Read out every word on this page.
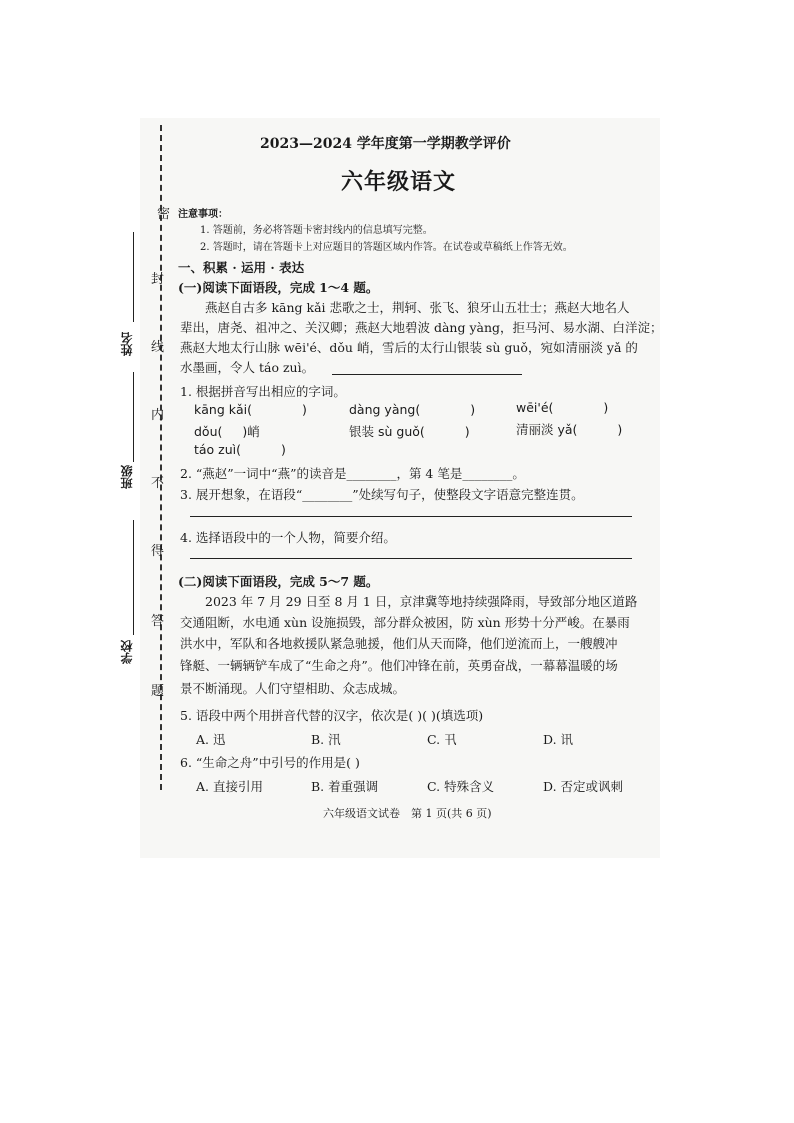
密
封
线
内
不
得
答
题
姓名
班级
学校
2023—2024 学年度第一学期教学评价
六年级语文
注意事项：
1. 答题前，务必将答题卡密封线内的信息填写完整。
2. 答题时，请在答题卡上对应题目的答题区域内作答。在试卷或草稿纸上作答无效。
一、积累 · 运用 · 表达
(一)阅读下面语段，完成 1～4 题。
燕赵自古多 kāng kǎi 悲歌之士，荆轲、张飞、狼牙山五壮士；燕赵大地名人
辈出，唐尧、祖冲之、关汉卿；燕赵大地碧波 dàng yàng，拒马河、易水湖、白洋淀；
燕赵大地太行山脉 wēi'é、dǒu 峭，雪后的太行山银装 sù guǒ，宛如清丽淡 yǎ 的
水墨画，令人 táo zuì。
1. 根据拼音写出相应的字词。
kāng kǎi(	)	dàng yàng(	)	wēi'é(	)
dǒu( )峭	银装 sù guǒ(	)	清丽淡 yǎ(	)
táo zuì(	)
2. “燕赵”一词中“燕”的读音是________，第 4 笔是________。
3. 展开想象，在语段“________”处续写句子，使整段文字语意完整连贯。
4. 选择语段中的一个人物，简要介绍。
(二)阅读下面语段，完成 5～7 题。
2023 年 7 月 29 日至 8 月 1 日，京津冀等地持续强降雨，导致部分地区道路
交通阻断，水电通 xùn 设施损毁，部分群众被困，防 xùn 形势十分严峻。在暴雨
洪水中，军队和各地救援队紧急驰援，他们从天而降，他们逆流而上，一艘艘冲
锋艇、一辆辆铲车成了“生命之舟”。他们冲锋在前，英勇奋战，一幕幕温暖的场
景不断涌现。人们守望相助、众志成城。
5. 语段中两个用拼音代替的汉字，依次是( )( )(填选项)
A. 迅	B. 汛	C. 卂	D. 讯
6. “生命之舟”中引号的作用是( )
A. 直接引用	B. 着重强调	C. 特殊含义	D. 否定或讽刺
六年级语文试卷　第 1 页(共 6 页)
